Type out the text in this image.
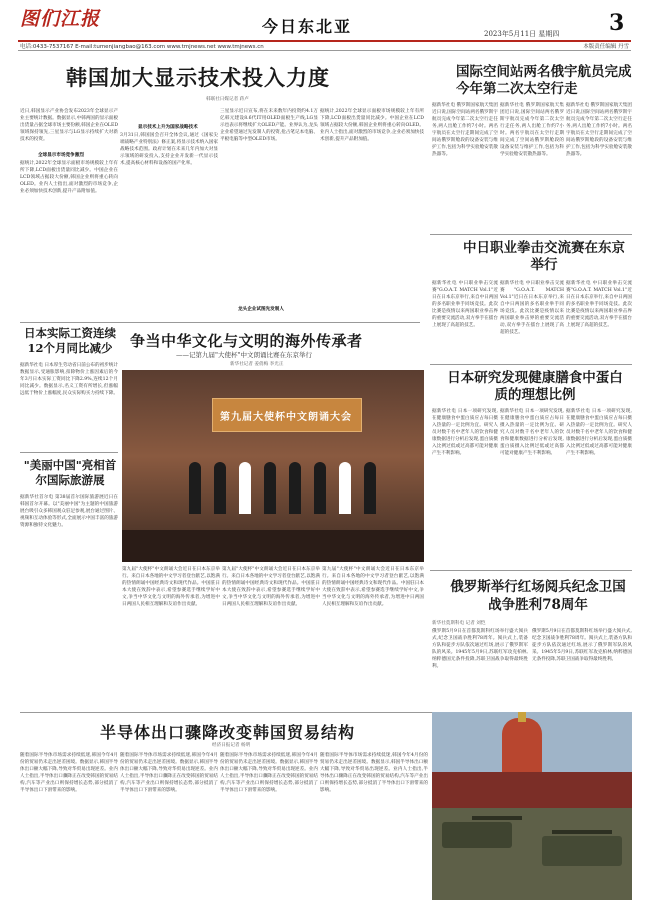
图们江报	今日东北亚	3
2023年5月11日 星期四
电话:0433-7537167 E-mail:tumenjiangbao@163.com www.tmjnews.net www.tmjnews.cn	本版责任编辑 丹雪
韩国加大显示技术投入力度
韩联社日媒记者 蒋卢
近日,韩国显示产业协会发布2023年全球显示产业主要统计数据。数据显示,中韩两国的显示面板出货量占据全球市场主要份额,韩国企业在OLED领域保持领先,三星显示与LG显示持续扩大对新技术的投资。
全球显示市场竞争激烈
据统计,2022年全球显示面板市场规模较上年有所下降,LCD面板出货量同比减少。中国企业在LCD领域占据较大份额,韩国企业则将重心转向OLED。业内人士指出,面对激烈的市场竞争,企业必须加快技术创新,提升产品附加值。
显示技术上升为国家战略技术
3月31日,韩国国会召开全体会议,通过《国家尖端战略产业特别法》修正案,将显示技术纳入国家战略技术范围。政府计划在未来几年内加大对显示领域的研发投入,支持企业开发新一代显示技术,提高核心材料和设备的国产化率。
龙头企业试图先发制人
三星显示近日宣布,将在未来数年内投资约4.1万亿韩元建设8.6代IT用OLED面板生产线,LG显示也表示将继续扩大OLED产能。业界认为,龙头企业希望通过先发制人的投资,抢占笔记本电脑、平板电脑等中型OLED市场。
据统计,2022年全球显示面板市场规模较上年有所下降,LCD面板出货量同比减少。中国企业在LCD领域占据较大份额,韩国企业则将重心转向OLED。业内人士指出,面对激烈的市场竞争,企业必须加快技术创新,提升产品附加值。
国际空间站两名俄宇航员完成今年第二次太空行走
据新华社电 俄罗斯国家航天集团近日说,国际空间站两名俄罗斯宇航员完成今年第二次太空行走任务,两人出舱工作约7小时。两名宇航员在太空行走期间完成了空间站俄罗斯舱段的设备安装与维护工作,包括为科学实验舱安装散热器等。
据新华社电 俄罗斯国家航天集团近日说,国际空间站两名俄罗斯宇航员完成今年第二次太空行走任务,两人出舱工作约7小时。两名宇航员在太空行走期间完成了空间站俄罗斯舱段的设备安装与维护工作,包括为科学实验舱安装散热器等。
据新华社电 俄罗斯国家航天集团近日说,国际空间站两名俄罗斯宇航员完成今年第二次太空行走任务,两人出舱工作约7小时。两名宇航员在太空行走期间完成了空间站俄罗斯舱段的设备安装与维护工作,包括为科学实验舱安装散热器等。
中日职业拳击交流赛在东京举行
据新华社电 中日职业拳击交流赛"G.O.A.T. MATCH Vol.1"近日在日本东京举行,来自中日两国的多名职业拳手同场竞技。此次比赛是疫情以来两国职业拳击界的重要交流活动,双方拳手在擂台上展现了高超的技艺。
据新华社电 中日职业拳击交流赛"G.O.A.T. MATCH Vol.1"近日在日本东京举行,来自中日两国的多名职业拳手同场竞技。此次比赛是疫情以来两国职业拳击界的重要交流活动,双方拳手在擂台上展现了高超的技艺。
据新华社电 中日职业拳击交流赛"G.O.A.T. MATCH Vol.1"近日在日本东京举行,来自中日两国的多名职业拳手同场竞技。此次比赛是疫情以来两国职业拳击界的重要交流活动,双方拳手在擂台上展现了高超的技艺。
日本实际工资连续12个月同比减少
据新华社电 日本厚生劳动省日前公布的初步统计数据显示,受通胀影响,扣除物价上涨因素后的今年3月日本实际工资同比下降2.9%,连续12个月同比减少。数据显示,名义工资有所增长,但涨幅远低于物价上涨幅度,民众实际购买力持续下降。
"美丽中国"亮相首尔国际旅游展
据新华社首尔电 第38届首尔国际旅游展近日在韩国首尔开幕。以"美丽中国"为主题的中国旅游展台吸引众多韩国观众驻足参观,展台通过图片、视频和互动体验等形式,全面展示中国丰富的旅游资源和独特文化魅力。
争当中华文化与文明的海外传承者
——记第九届"大使杯"中文朗诵比赛在东京举行
新华社记者 姜俏梅 李光正
第九届大使杯中文朗诵大会
第九届"大使杯"中文朗诵大会近日在日本东京举行。来自日本各地的中文学习者登台献艺,以饱满的热情朗诵中国经典诗文和现代作品。中国驻日本大使在致辞中表示,希望参赛选手继续学好中文,争当中华文化与文明的海外传承者,为增进中日两国人民相互理解和友谊作出贡献。
第九届"大使杯"中文朗诵大会近日在日本东京举行。来自日本各地的中文学习者登台献艺,以饱满的热情朗诵中国经典诗文和现代作品。中国驻日本大使在致辞中表示,希望参赛选手继续学好中文,争当中华文化与文明的海外传承者,为增进中日两国人民相互理解和友谊作出贡献。
第九届"大使杯"中文朗诵大会近日在日本东京举行。来自日本各地的中文学习者登台献艺,以饱满的热情朗诵中国经典诗文和现代作品。中国驻日本大使在致辞中表示,希望参赛选手继续学好中文,争当中华文化与文明的海外传承者,为增进中日两国人民相互理解和友谊作出贡献。
日本研究发现健康膳食中蛋白质的理想比例
据新华社电 日本一项研究发现,在健康膳食中蛋白质应占每日摄入热量的一定比例为宜。研究人员对数千名中老年人的饮食和健康数据进行分析后发现,蛋白质摄入比例过低或过高都可能对健康产生不利影响。
据新华社电 日本一项研究发现,在健康膳食中蛋白质应占每日摄入热量的一定比例为宜。研究人员对数千名中老年人的饮食和健康数据进行分析后发现,蛋白质摄入比例过低或过高都可能对健康产生不利影响。
据新华社电 日本一项研究发现,在健康膳食中蛋白质应占每日摄入热量的一定比例为宜。研究人员对数千名中老年人的饮食和健康数据进行分析后发现,蛋白质摄入比例过低或过高都可能对健康产生不利影响。
俄罗斯举行红场阅兵纪念卫国战争胜利78周年
新华社莫斯科电 记者 刘恺
俄罗斯5月9日在首都莫斯科红场举行盛大阅兵式,纪念卫国战争胜利78周年。阅兵式上,装备方队和徒步方队依次通过红场,展示了俄罗斯军队的风采。1945年5月9日,苏联红军攻克柏林,纳粹德国无条件投降,苏联卫国战争取得最终胜利。
俄罗斯5月9日在首都莫斯科红场举行盛大阅兵式,纪念卫国战争胜利78周年。阅兵式上,装备方队和徒步方队依次通过红场,展示了俄罗斯军队的风采。1945年5月9日,苏联红军攻克柏林,纳粹德国无条件投降,苏联卫国战争取得最终胜利。
半导体出口骤降改变韩国贸易结构
经济日报记者 杨明
随着国际半导体市场需求持续低迷,韩国今年4月份的贸易仍未走出逆差困境。数据显示,韩国半导体出口额大幅下降,导致对华贸易出现逆差。业内人士指出,半导体出口骤降正在改变韩国的贸易结构,汽车等产业出口则保持增长态势,部分抵消了半导体出口下滑带来的影响。
随着国际半导体市场需求持续低迷,韩国今年4月份的贸易仍未走出逆差困境。数据显示,韩国半导体出口额大幅下降,导致对华贸易出现逆差。业内人士指出,半导体出口骤降正在改变韩国的贸易结构,汽车等产业出口则保持增长态势,部分抵消了半导体出口下滑带来的影响。
随着国际半导体市场需求持续低迷,韩国今年4月份的贸易仍未走出逆差困境。数据显示,韩国半导体出口额大幅下降,导致对华贸易出现逆差。业内人士指出,半导体出口骤降正在改变韩国的贸易结构,汽车等产业出口则保持增长态势,部分抵消了半导体出口下滑带来的影响。
随着国际半导体市场需求持续低迷,韩国今年4月份的贸易仍未走出逆差困境。数据显示,韩国半导体出口额大幅下降,导致对华贸易出现逆差。业内人士指出,半导体出口骤降正在改变韩国的贸易结构,汽车等产业出口则保持增长态势,部分抵消了半导体出口下滑带来的影响。
